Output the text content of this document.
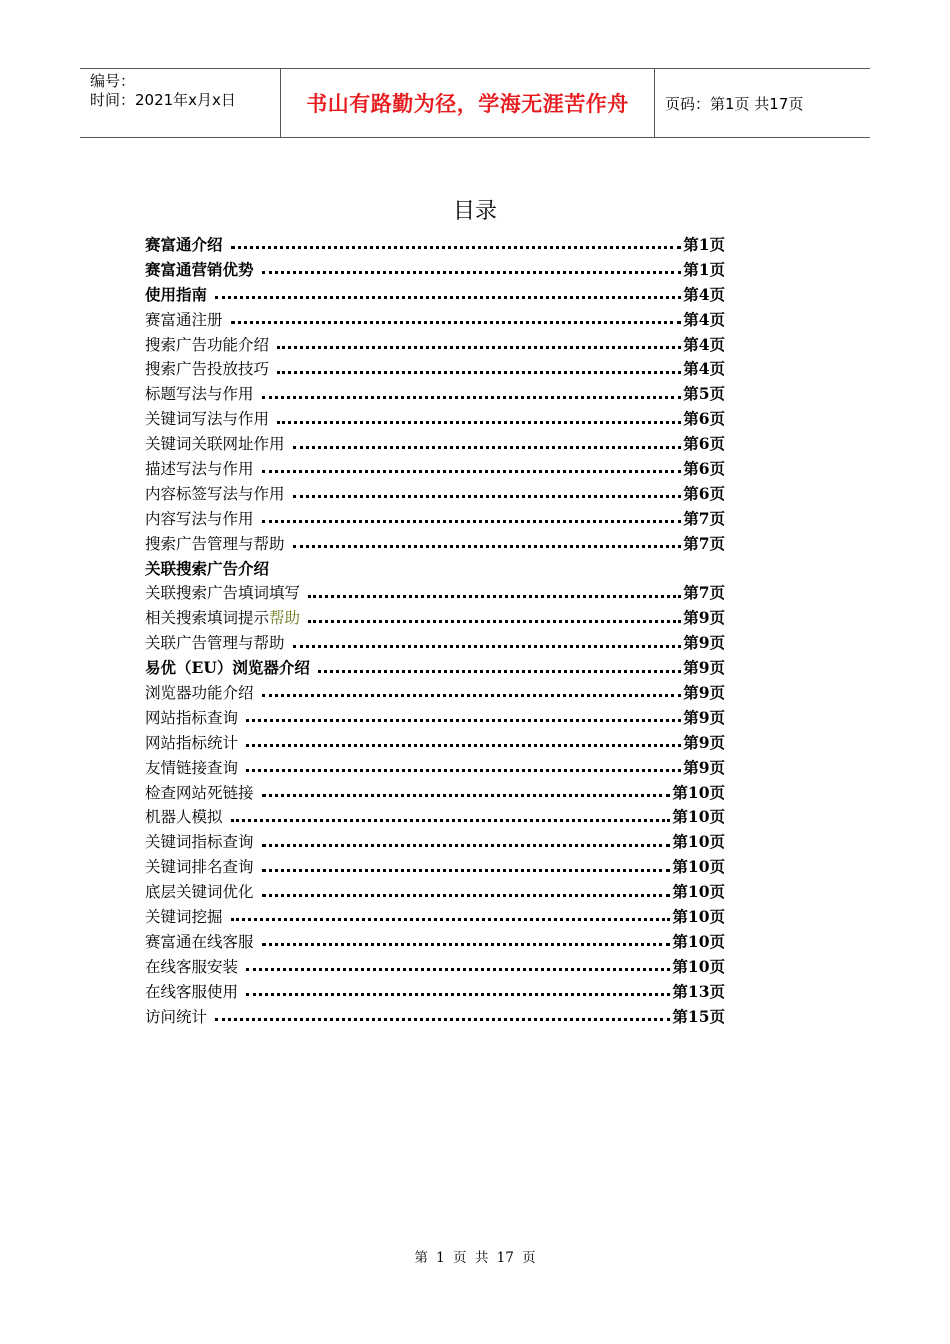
编号：
时间：2021年x月x日	书山有路勤为径，学海无涯苦作舟	页码：第1页 共17页
目录
赛富通介绍	第1页
赛富通营销优势	第1页
使用指南	第4页
赛富通注册	第4页
搜索广告功能介绍	第4页
搜索广告投放技巧	第4页
标题写法与作用	第5页
关键词写法与作用	第6页
关键词关联网址作用	第6页
描述写法与作用	第6页
内容标签写法与作用	第6页
内容写法与作用	第7页
搜索广告管理与帮助	第7页
关联搜索广告介绍
关联搜索广告填词填写	第7页
相关搜索填词提示帮助	第9页
关联广告管理与帮助	第9页
易优（EU）浏览器介绍	第9页
浏览器功能介绍	第9页
网站指标查询	第9页
网站指标统计	第9页
友情链接查询	第9页
检查网站死链接	第10页
机器人模拟	第10页
关键词指标查询	第10页
关键词排名查询	第10页
底层关键词优化	第10页
关键词挖掘	第10页
赛富通在线客服	第10页
在线客服安装	第10页
在线客服使用	第13页
访问统计	第15页
第 1 页 共 17 页
